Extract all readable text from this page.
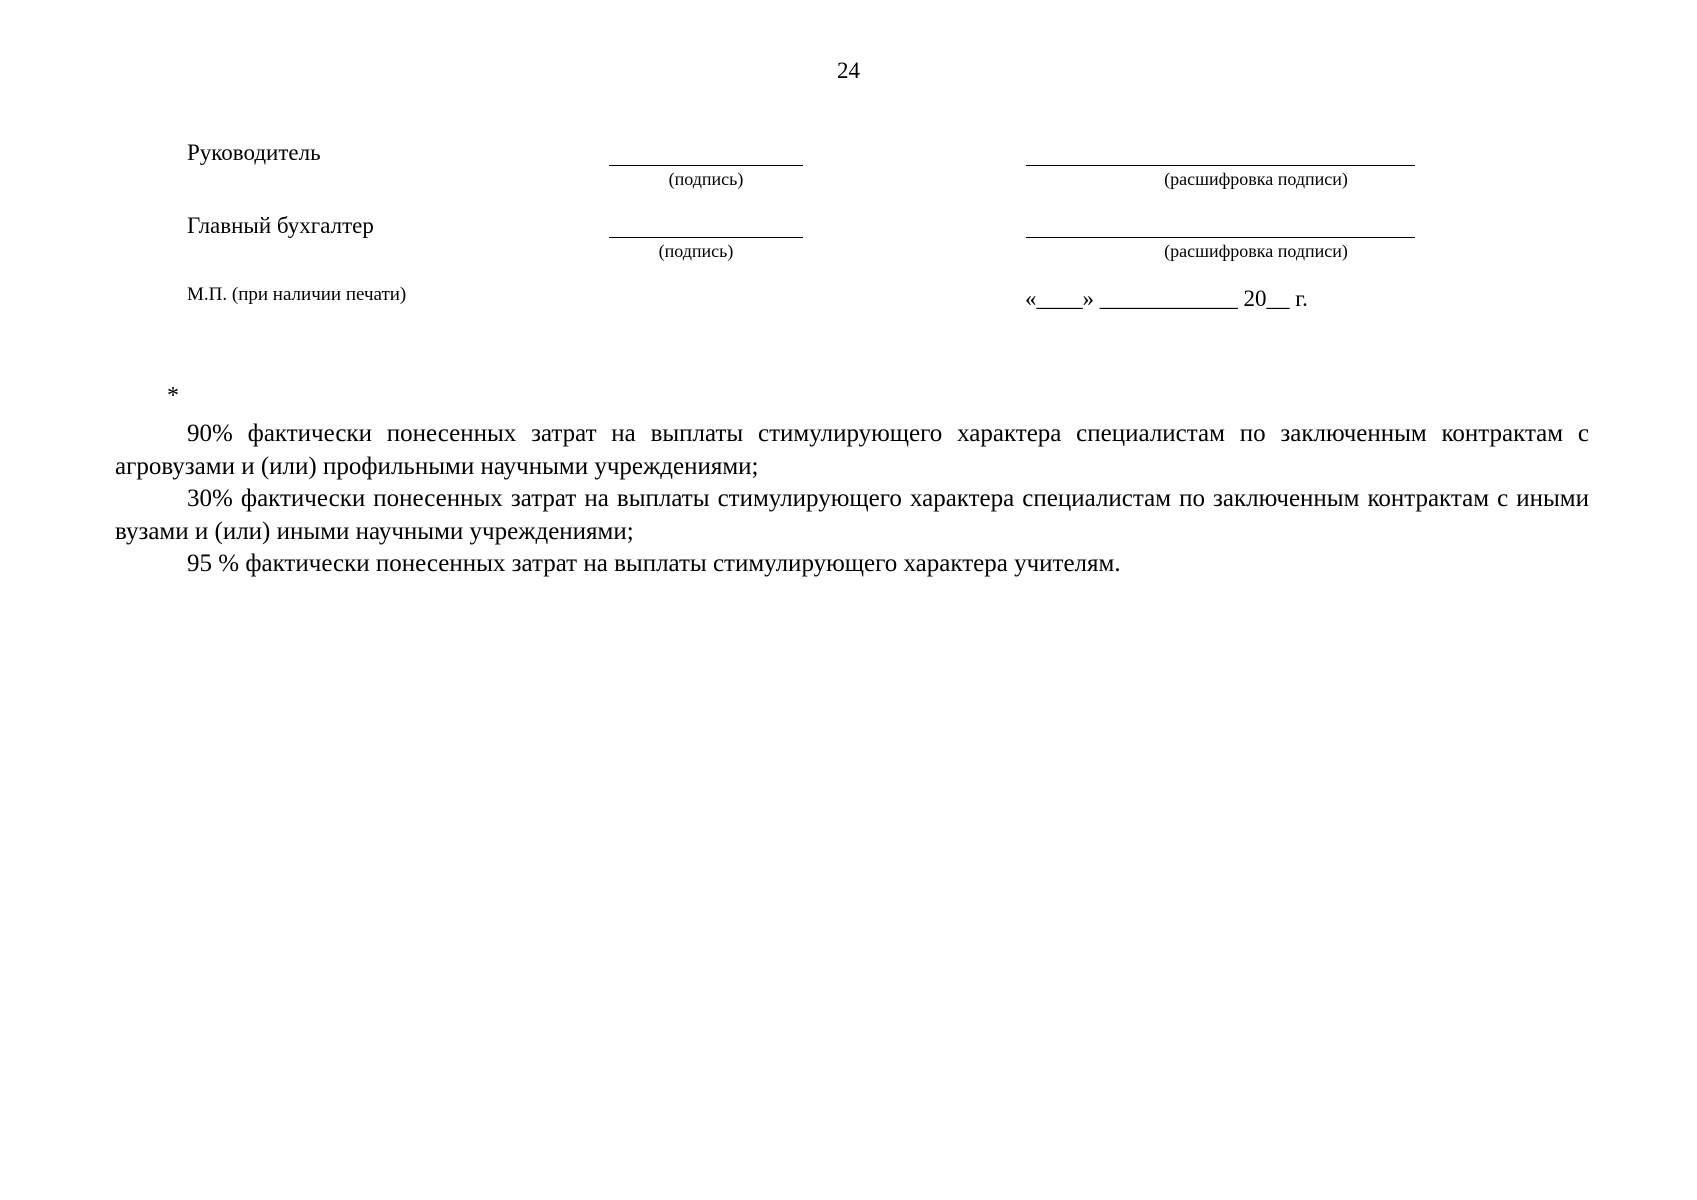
24
Руководитель
(подпись)	(расшифровка подписи)
Главный бухгалтер
(подпись)	(расшифровка подписи)
М.П. (при наличии печати)	«____» ____________ 20__ г.
*

90% фактически понесенных затрат на выплаты стимулирующего характера специалистам по заключенным контрактам с агровузами и (или) профильными научными учреждениями;

30% фактически понесенных затрат на выплаты стимулирующего характера специалистам по заключенным контрактам с иными вузами и (или) иными научными учреждениями;

95 % фактически понесенных затрат на выплаты стимулирующего характера учителям.
